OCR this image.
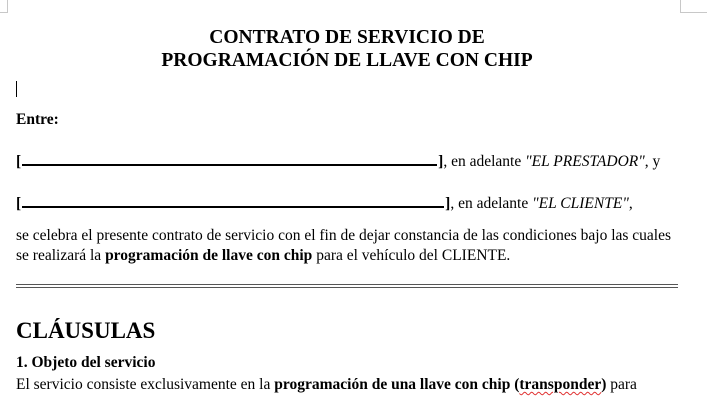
CONTRATO DE SERVICIO DE
PROGRAMACIÓN DE LLAVE CON CHIP
Entre:
[	], en adelante "EL PRESTADOR", y
[	], en adelante "EL CLIENTE",
se celebra el presente contrato de servicio con el fin de dejar constancia de las condiciones bajo las cuales se realizará la programación de llave con chip para el vehículo del CLIENTE.
CLÁUSULAS
1. Objeto del servicio
El servicio consiste exclusivamente en la programación de una llave con chip (transponder) para
